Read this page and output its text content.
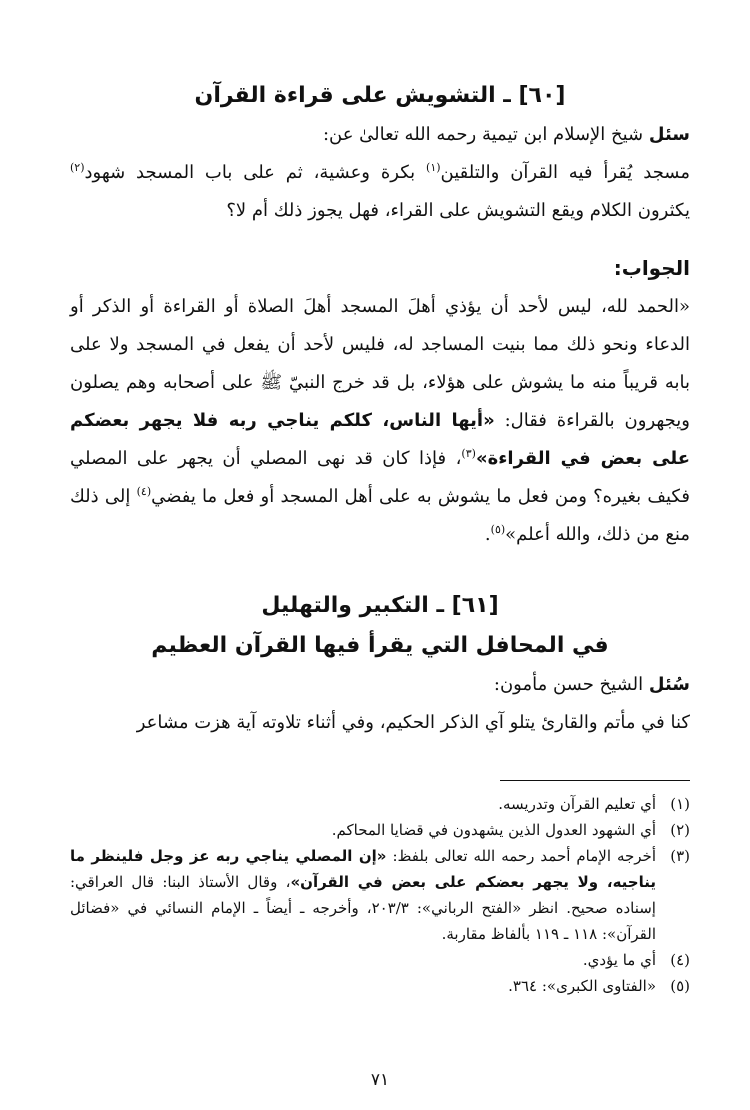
[٦٠] ـ التشويش على قراءة القرآن
سئل شيخ الإسلام ابن تيمية رحمه الله تعالىٰ عن:

مسجد يُقرأ فيه القرآن والتلقين$^{(١)}$ بكرة وعشية، ثم على باب المسجد شهود$^{(٢)}$ يكثرون الكلام ويقع التشويش على القراء، فهل يجوز ذلك أم لا؟

الجواب:

«الحمد لله، ليس لأحد أن يؤذي أهلَ المسجد أهلَ الصلاة أو القراءة أو الذكر أو الدعاء ونحو ذلك مما بنيت المساجد له، فليس لأحد أن يفعل في المسجد ولا على بابه قريباً منه ما يشوش على هؤلاء، بل قد خرج النبيّ ﷺ على أصحابه وهم يصلون ويجهرون بالقراءة فقال: «أيها الناس، كلكم يناجي ربه فلا يجهر بعضكم على بعض في القراءة»$^{(٣)}$، فإذا كان قد نهى المصلي أن يجهر على المصلي فكيف بغيره؟ ومن فعل ما يشوش به على أهل المسجد أو فعل ما يفضي$^{(٤)}$ إلى ذلك منع من ذلك، والله أعلم»$^{(٥)}$.

[٦١] ـ التكبير والتهليل
في المحافل التي يقرأ فيها القرآن العظيم
سُئل الشيخ حسن مأمون:

كنا في مأتم والقارئ يتلو آي الذكر الحكيم، وفي أثناء تلاوته آية هزت مشاعر

(١)
أي تعليم القرآن وتدريسه.
(٢)
أي الشهود العدول الذين يشهدون في قضايا المحاكم.
(٣)
أخرجه الإمام أحمد رحمه الله تعالى بلفظ: «إن المصلي يناجي ربه عز وجل فلينظر ما يناجيه، ولا يجهر بعضكم على بعض في القرآن»، وقال الأستاذ البنا: قال العراقي: إسناده صحيح. انظر «الفتح الرباني»: ٢٠٣/٣، وأخرجه ـ أيضاً ـ الإمام النسائي في «فضائل القرآن»: ١١٨ ـ ١١٩ بألفاظ مقاربة.
(٤)
أي ما يؤدي.
(٥)
«الفتاوى الكبرى»: ٣٦٤.
٧١
